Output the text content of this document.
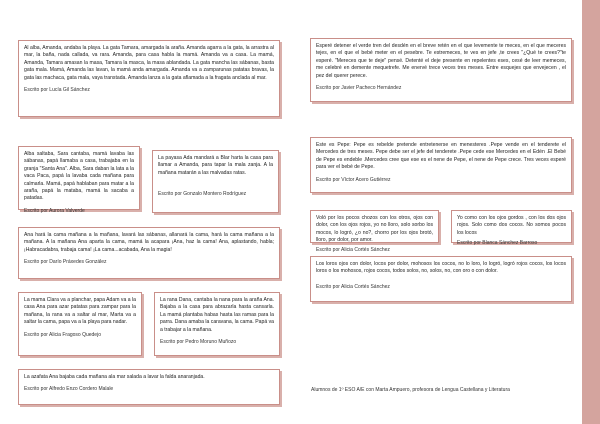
Al alba, Amanda, andaba la playa. La gata Tamara, amargada la araña. Amanda agarra a la gata, la arrastra al mar, la baña, nada callada, va rara. Amanda, para casa habla la mamá. Amanda va a casa. La mamá, Amanda, Tamara amasan la masa, Tamara la masca, la masa ablandada. La gata mancha las sábanas, basta gata mala. Mamá, Amanda las lavan, la mamá anda amargada. Amanda va a zamparunas patatas bravas, la gata las machaca, gata mala, vaya transtada. Amanda lanza a la gata aflamada a la fragata anclada al mar.

Escrito por Lucía Gil Sánchez

Alba saltaba, Sara cantaba, mamá lavaba las sábanas, papá llamaba a casa, trabajaba en la granja "Santa Ana". Alba, Sara daban la lata a la vaca Paca, papá la lavaba cada mañana para calmarla. Mamá, papá hablaban para matar a la araña, papá la mataba, mamá la sacaba a patadas.

Escrito por Aurora Valverde

La payasa Ada mandará a Blar harta la casa para llamar a Amanda, para tapar la mala zanja. A la mañana matarán a las malvadas ratas.

Escrito por Gonzalo Montero Rodríguez

Ana hará la cama mañana a la mañana, lavará las sábanas, allanará la cama, hará la cama mañana a la mañana. A la mañana Ana aparta la cama, mamá la acapara ¡Ana, haz la cama! Ana, aplastando, habla; ¡Habracadabra, trabaja cama! ¡La cama...acabada, Ana la magia!

Escrito por Darío Práxedes González

La mama Clara va a planchar, papa Adam va a la casa Ana para azar patatas para zampar para la mañana, la rana va a saltar al mar, Marta va a saltar la cama, papa va a la playa para nadar.

Escrito por Alicia Fragoso Quedejo

La rana Dana, cantaba la nana para la araña Ana. Bajaba a la casa para abrazarla hasta cansarla. La mamá plantaba habas hasta las ramas para la parra. Dana amaba la caravana, la cama. Papá va a trabajar a la mañana.

Escrito por Pedro Moruno Muñozo

La azafata Ana bajaba cada mañana ala mar salada a lavar la falda anaranjada.

Escrito por Alfredo Enzo Cordero Malale

Esperé detener el verde tren del desdén en el breve retén en el que levemente te meces, en el que meceres tejes, en el que el bebé meter en el pesebre. Te estremeces, te ves en jefe ,te crees "¿Qué te crees?"te esperé. "Mereces que te deje" pensé. Detenté el deje presente en repelentes eses, cesé de leer memeces, me celebré en demente mequetrefe. Me enervé trece veces tres meses. Entre esquejes que envejecen , el pez del querer perece.

Escrito por Javier Pacheco Hernández

Este es Pepe: Pepe es rebelde pretende entretenerse en menesteres .Pepe vende en el tenderete el Mercedes de tres meses. Pepe debe ser el jefe del tenderete .Pepe cede ese Mercedes en el Edén .El Bebé de Pepe es endeble .Mercedes cree que ese es el nene de Pepe, el nene de Pepe crece. Tres veces esperé para ver el bebé de Pepe.

Escrito por Víctor Acero Gutiérrez

Voló por los pocos chozos con los otros, ojos con dolor, con los ojos rojos, yo no lloro, solo sorbo los mocos, lo logró, ¿o no?, chorro por los ojos brotó, lloro, por dolor, por amor.

Escrito por Alicia Cortés Sánchez

Yo como con los ojos gordos , con los dos ojos rojos. Solo como dos cocos. No somos pocos los locos

Escrito por Blanca Sánchez Barroso

Los loros ojos con dolor, locos por dolor, mohosos los cocos, no lo loro, lo logró, logró rojos cocos, los locos loros o los mohosos, rojos cocos, todos solos, no, solos, no, con oro o con dolor.

Escrito por Alicia Cortés Sánchez
Alumnos de 1º ESO A/E con Marta Ampuero, profesora de Lengua Castellana y Literatura
